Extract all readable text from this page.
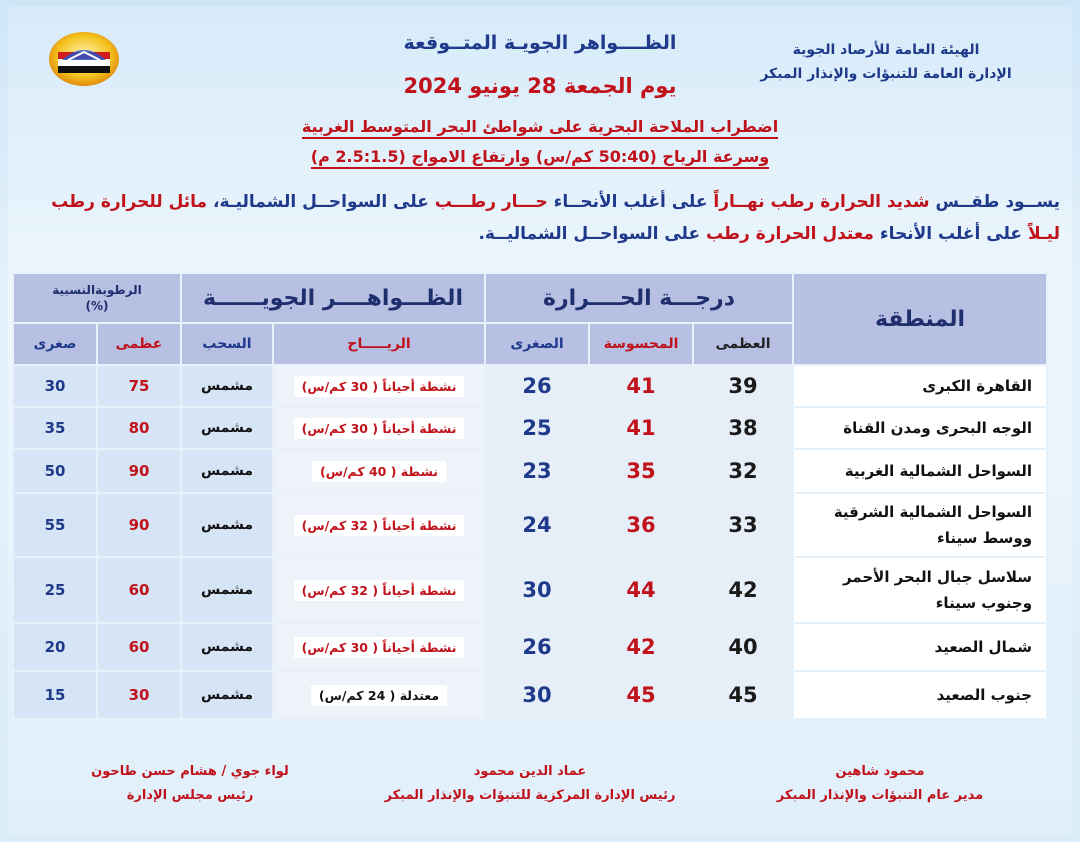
الهيئة العامة للأرصاد الجوية
الإدارة العامة للتنبؤات والإنذار المبكر
الظــــواهر الجويـة المتــوقعة
يوم الجمعة 28 يونيو 2024
اضطراب الملاحة البحرية على شواطئ البحر المتوسط الغربية
وسرعة الرياح (50:40 كم/س) وارتفاع الامواج (2.5:1.5 م)
يســود طقــس شديد الحرارة رطب نهــاراً على أغلب الأنحــاء حـــار رطـــب على السواحــل الشماليـة، مائل للحرارة رطب
ليـلاً على أغلب الأنحاء معتدل الحرارة رطب على السواحــل الشماليــة.
المنطقة	درجـــة الحــــرارة			الظـــواهــــر الجويــــــة		الرطوبةالنسبية
(%)	

	العظمى	المحسوسة	الصغرى	الريـــــاح	السحب	عظمى	صغرى
القاهرة الكبرى	39	41	26	نشطة أحياناً ( 30 كم/س)	مشمس	75	30
الوجه البحرى ومدن القناة	38	41	25	نشطة أحياناً ( 30 كم/س)	مشمس	80	35
السواحل الشمالية الغربية	32	35	23	نشطة ( 40 كم/س)	مشمس	90	50
السواحل الشمالية الشرقية ووسط سيناء	33	36	24	نشطة أحياناً ( 32 كم/س)	مشمس	90	55
سلاسل جبال البحر الأحمر وجنوب سيناء	42	44	30	نشطة أحياناً ( 32 كم/س)	مشمس	60	25
شمال الصعيد	40	42	26	نشطة أحياناً ( 30 كم/س)	مشمس	60	20
جنوب الصعيد	45	45	30	معتدلة ( 24 كم/س)	مشمس	30	15
محمود شاهين
مدير عام التنبؤات والإنذار المبكر
عماد الدين محمود
رئيس الإدارة المركزية للتنبؤات والإنذار المبكر
لواء جوي / هشام حسن طاحون
رئيس مجلس الإدارة
